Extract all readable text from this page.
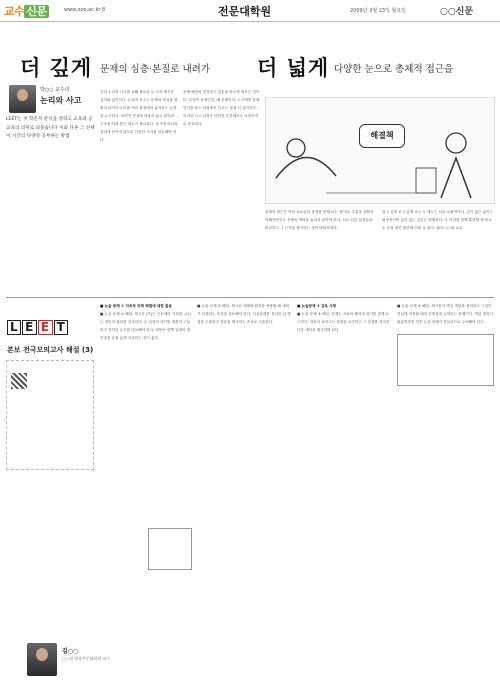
교수 신문	www.ooo.ac.kr 8	전문대학원	2009년 3월 23일 월요일	○○신문
더 깊게 문제의 심층·본질로 내려가 더 넓게 다양한 눈으로 총체적 접근을
박○○ 교수의
논리와 사고
LEET는 첫 학문적 분석을 정하고 교육과 공교육의 의미로 되묻습니다 이와 다른 그 선택 이 시간의 다양성 공부하는 방법
우리 논리적 사고를 위해 필요한 두 가지 방식은 깊이와 넓이이다. 논리적 사고는 문제의 핵심을 정확히 파악하고 이를 여러 관점에서 분석하는 능력을 요구한다. 표면적 현상에 머물지 않고 원인과 구조를 따져 묻는 태도가 필요하다. 동시에 하나의 관점에 갇히지 않도록 다양한 시각을 검토해야 한다.
문제 해결의 첫걸음은 질문을 바르게 세우는 것이다. 무엇이 문제인지, 왜 문제인지, 누구에게 문제인지를 묻는 과정에서 사고는 점점 더 깊어진다. 이러한 사고 과정은 법학적 추론에서도 마찬가지로 중요하다.
총체적 접근은 여러 요소들의 관계를 함께 보는 것이다. 부분을 정확히 이해하면서도 전체의 맥락을 놓치지 않아야 한다. 서로 다른 입장들을 비교하고 그 근거를 평가하는 것이 바람직하다.
결국 깊게 보고 넓게 보는 두 태도는 서로 보완적이다. 깊이 없는 넓이는 피상적이며 넓이 없는 깊이는 편협하다. 두 가지를 함께 훈련할 때 비로소 균형 잡힌 판단에 이를 수 있다. 필자 ○○대 교수
해결책
L E E T
본보 전국모의고사 해설 (3)
김○○
○○대 법학전문대학원 교수
■ 논술 문제 ① 지속적 과제 해결에 대한 물음
■ 논술 문제 ① 해설. 제시문 (가)는 공동체의 가치를, (나)는 개인의 권리를 강조한다. 두 입장의 차이를 정확히 구분하고 각각의 논거를 비교해야 한다. 답안은 양쪽 입장의 장단점을 균형 있게 서술하는 것이 좋다.
■ 논술 문제 ② 해설. 제시된 사례에 원칙을 적용할 때 예외가 인정되는 조건을 검토해야 한다. 사실관계를 정리한 뒤 쟁점을 도출하고 결론을 제시하는 순서로 서술한다.
■ 논술문제 ② 검토 사항
■ 논술 문제 ③ 해설. 문제는 자료의 해석과 평가를 함께 요구한다. 자료가 보여주는 경향을 요약하고 그 한계를 지적한 다음 대안을 제시하면 된다.
■ 논술 문제 ④ 해설. 제시문의 핵심 개념을 정의하고 그것이 현실에 적용될 때의 문제점을 논하라는 문제이다. 개념 정의가 불분명하면 이후 논증 전체가 흔들리므로 주의해야 한다.
